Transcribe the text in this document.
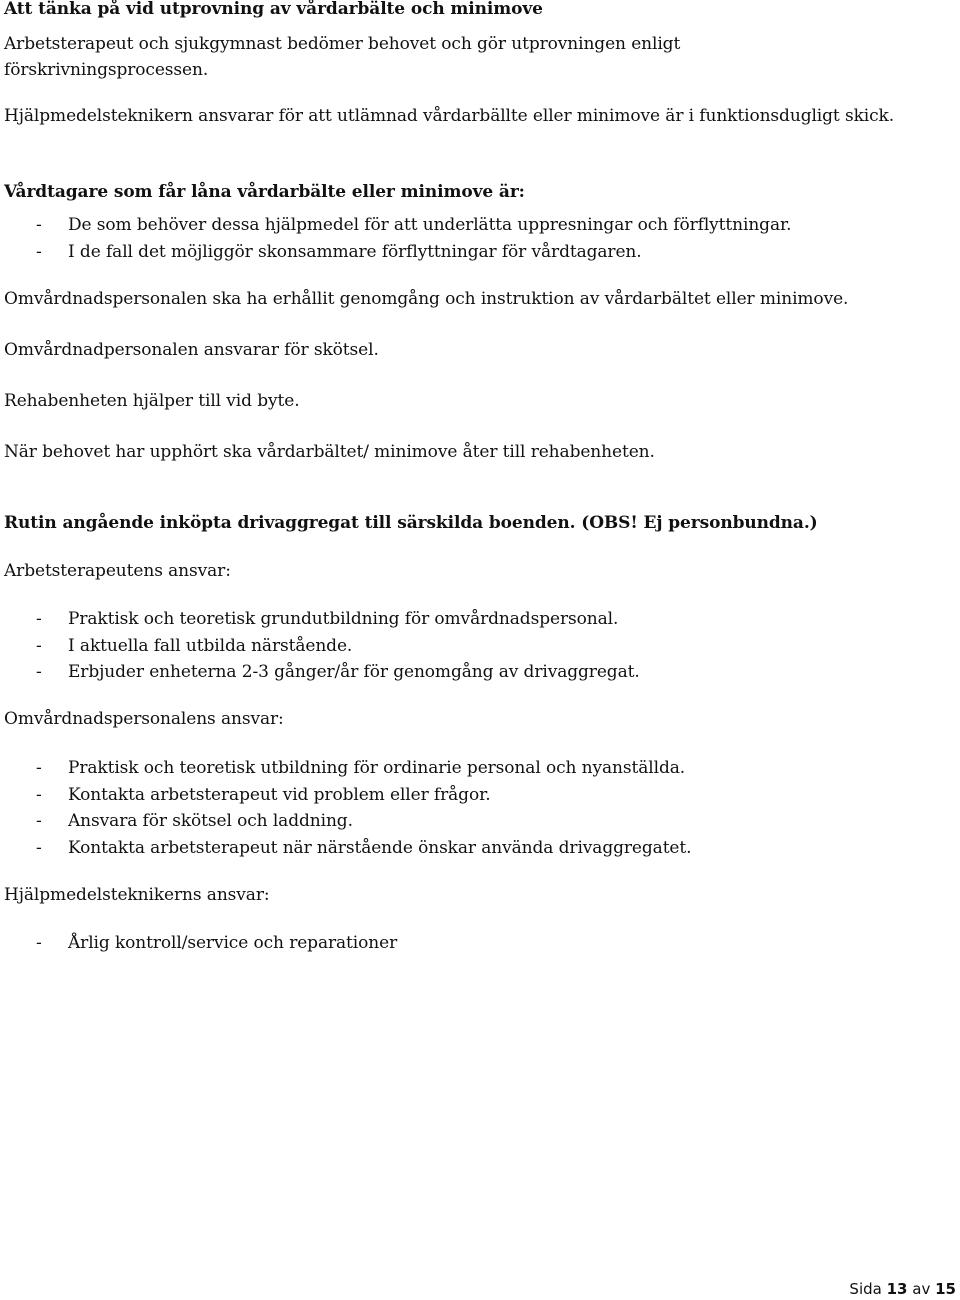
Att tänka på vid utprovning av vårdarbälte och minimove
Arbetsterapeut och sjukgymnast bedömer behovet och gör utprovningen enligt
förskrivningsprocessen.
Hjälpmedelsteknikern ansvarar för att utlämnad vårdarbällte eller minimove är i funktionsdugligt skick.
Vårdtagare som får låna vårdarbälte eller minimove är:
- De som behöver dessa hjälpmedel för att underlätta uppresningar och förflyttningar.
- I de fall det möjliggör skonsammare förflyttningar för vårdtagaren.
Omvårdnadspersonalen ska ha erhållit genomgång och instruktion av vårdarbältet eller minimove.
Omvårdnadpersonalen ansvarar för skötsel.
Rehabenheten hjälper till vid byte.
När behovet har upphört ska vårdarbältet/ minimove åter till rehabenheten.
Rutin angående inköpta drivaggregat till särskilda boenden. (OBS! Ej personbundna.)
Arbetsterapeutens ansvar:
- Praktisk och teoretisk grundutbildning för omvårdnadspersonal.
- I aktuella fall utbilda närstående.
- Erbjuder enheterna 2-3 gånger/år för genomgång av drivaggregat.
Omvårdnadspersonalens ansvar:
- Praktisk och teoretisk utbildning för ordinarie personal och nyanställda.
- Kontakta arbetsterapeut vid problem eller frågor.
- Ansvara för skötsel och laddning.
- Kontakta arbetsterapeut när närstående önskar använda drivaggregatet.
Hjälpmedelsteknikerns ansvar:
- Årlig kontroll/service och reparationer
Sida 13 av 15
